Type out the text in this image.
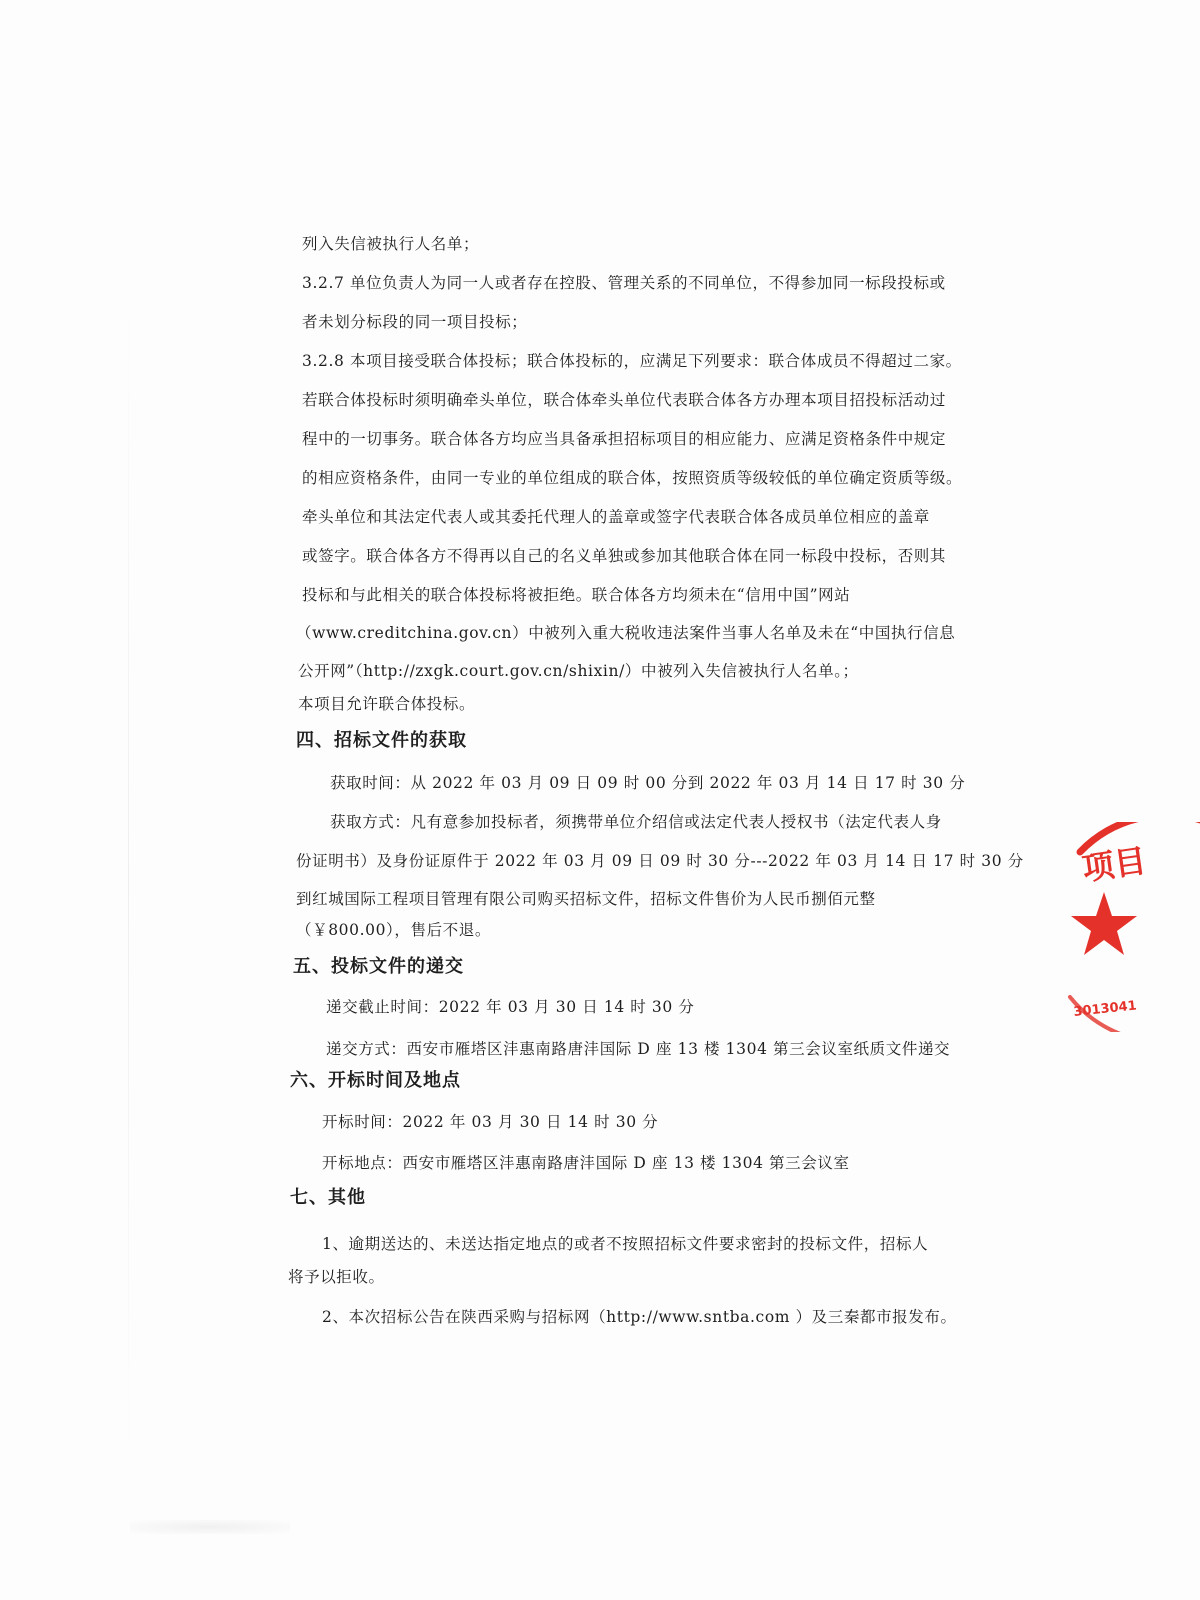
列入失信被执行人名单；
3.2.7 单位负责人为同一人或者存在控股、管理关系的不同单位，不得参加同一标段投标或
者未划分标段的同一项目投标；
3.2.8 本项目接受联合体投标；联合体投标的，应满足下列要求：联合体成员不得超过二家。
若联合体投标时须明确牵头单位，联合体牵头单位代表联合体各方办理本项目招投标活动过
程中的一切事务。联合体各方均应当具备承担招标项目的相应能力、应满足资格条件中规定
的相应资格条件，由同一专业的单位组成的联合体，按照资质等级较低的单位确定资质等级。
牵头单位和其法定代表人或其委托代理人的盖章或签字代表联合体各成员单位相应的盖章
或签字。联合体各方不得再以自己的名义单独或参加其他联合体在同一标段中投标，否则其
投标和与此相关的联合体投标将被拒绝。联合体各方均须未在“信用中国”网站
（www.creditchina.gov.cn）中被列入重大税收违法案件当事人名单及未在“中国执行信息
公开网”（http://zxgk.court.gov.cn/shixin/）中被列入失信被执行人名单。；
本项目允许联合体投标。
四、招标文件的获取
获取时间：从 2022 年 03 月 09 日 09 时 00 分到 2022 年 03 月 14 日 17 时 30 分
获取方式：凡有意参加投标者，须携带单位介绍信或法定代表人授权书（法定代表人身
份证明书）及身份证原件于 2022 年 03 月 09 日 09 时 30 分---2022 年 03 月 14 日 17 时 30 分
到红城国际工程项目管理有限公司购买招标文件，招标文件售价为人民币捌佰元整
（￥800.00），售后不退。
五、投标文件的递交
递交截止时间：2022 年 03 月 30 日 14 时 30 分
递交方式：西安市雁塔区沣惠南路唐沣国际 D 座 13 楼 1304 第三会议室纸质文件递交
六、开标时间及地点
开标时间：2022 年 03 月 30 日 14 时 30 分
开标地点：西安市雁塔区沣惠南路唐沣国际 D 座 13 楼 1304 第三会议室
七、其他
1、逾期送达的、未送达指定地点的或者不按照招标文件要求密封的投标文件，招标人
将予以拒收。
2、本次招标公告在陕西采购与招标网（http://www.sntba.com ）及三秦都市报发布。
项目
3013041
